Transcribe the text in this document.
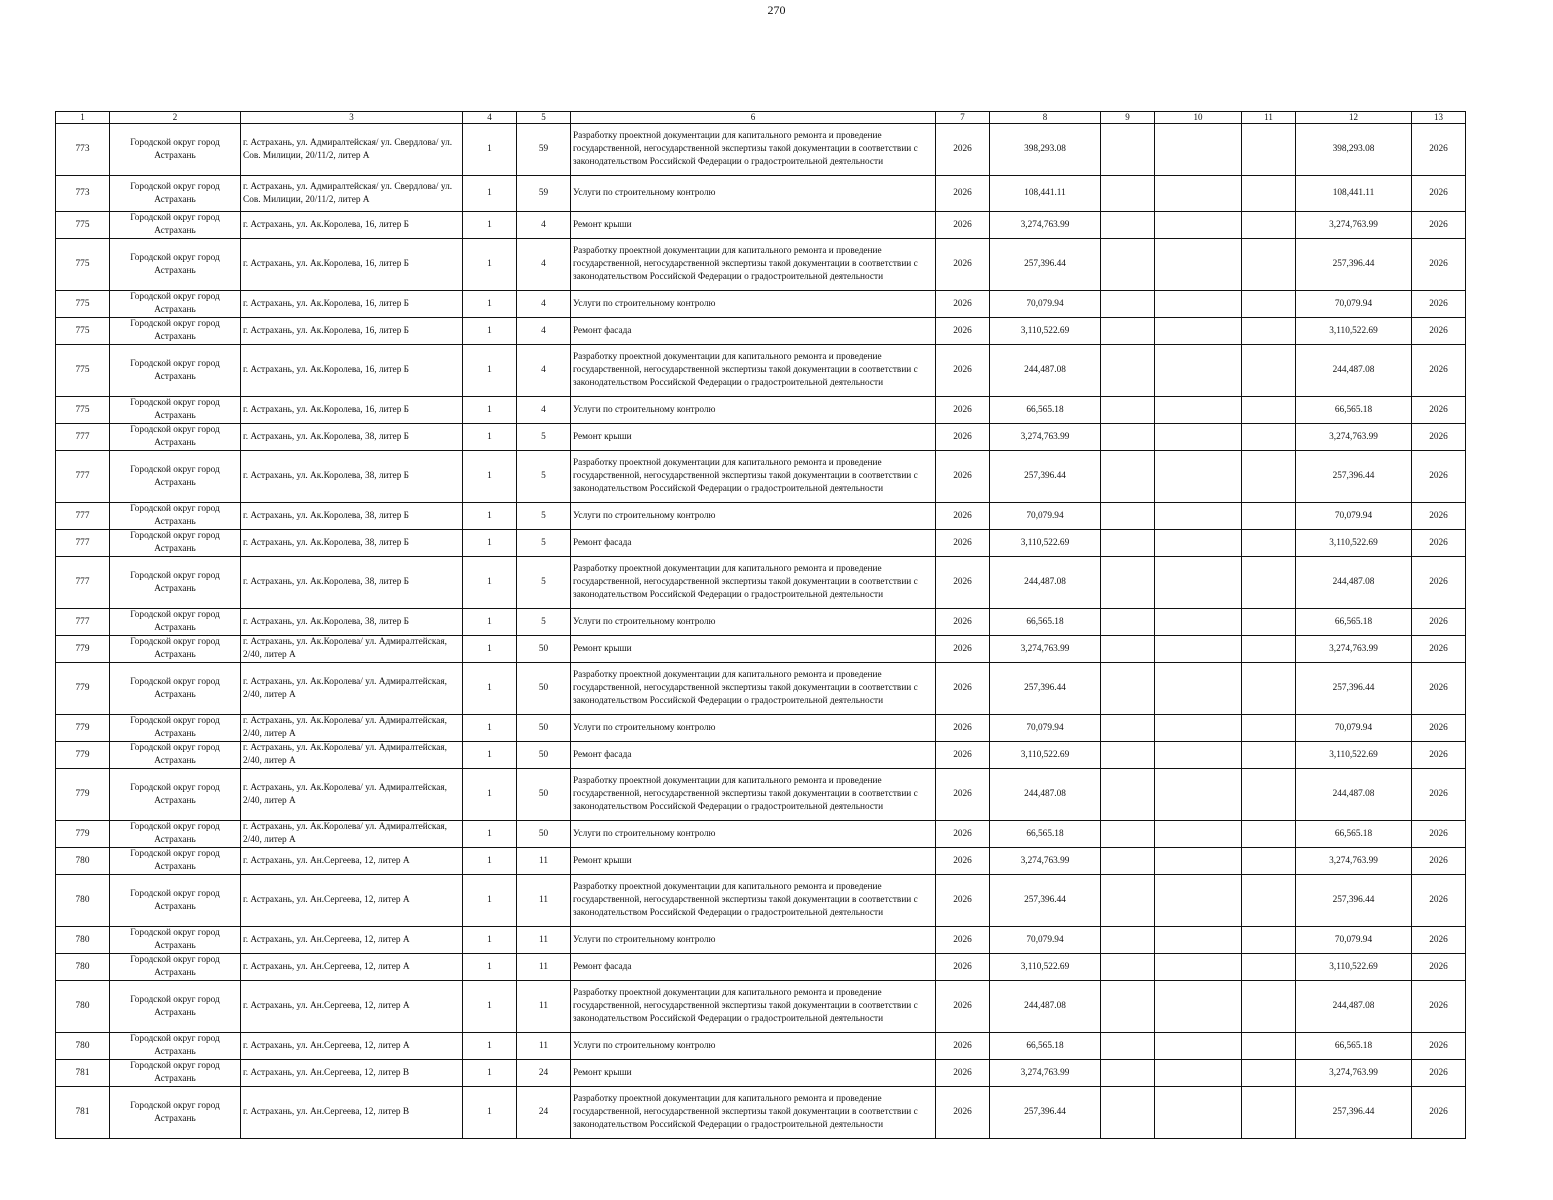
270
1	2	3	4	5	6	7	8	9	10	11	12	13
773	Городской округ город Астрахань	г. Астрахань, ул. Адмиралтейская/ ул. Свердлова/ ул. Сов. Милиции, 20/11/2, литер А	1	59	Разработку проектной документации для капитального ремонта и проведение государственной, негосударственной экспертизы такой документации в соответствии с законодательством Российской Федерации о градостроительной деятельности	2026	398,293.08				398,293.08	2026
773	Городской округ город Астрахань	г. Астрахань, ул. Адмиралтейская/ ул. Свердлова/ ул. Сов. Милиции, 20/11/2, литер А	1	59	Услуги по строительному контролю	2026	108,441.11				108,441.11	2026
775	Городской округ город Астрахань	г. Астрахань, ул. Ак.Королева, 16, литер Б	1	4	Ремонт крыши	2026	3,274,763.99				3,274,763.99	2026
775	Городской округ город Астрахань	г. Астрахань, ул. Ак.Королева, 16, литер Б	1	4	Разработку проектной документации для капитального ремонта и проведение государственной, негосударственной экспертизы такой документации в соответствии с законодательством Российской Федерации о градостроительной деятельности	2026	257,396.44				257,396.44	2026
775	Городской округ город Астрахань	г. Астрахань, ул. Ак.Королева, 16, литер Б	1	4	Услуги по строительному контролю	2026	70,079.94				70,079.94	2026
775	Городской округ город Астрахань	г. Астрахань, ул. Ак.Королева, 16, литер Б	1	4	Ремонт фасада	2026	3,110,522.69				3,110,522.69	2026
775	Городской округ город Астрахань	г. Астрахань, ул. Ак.Королева, 16, литер Б	1	4	Разработку проектной документации для капитального ремонта и проведение государственной, негосударственной экспертизы такой документации в соответствии с законодательством Российской Федерации о градостроительной деятельности	2026	244,487.08				244,487.08	2026
775	Городской округ город Астрахань	г. Астрахань, ул. Ак.Королева, 16, литер Б	1	4	Услуги по строительному контролю	2026	66,565.18				66,565.18	2026
777	Городской округ город Астрахань	г. Астрахань, ул. Ак.Королева, 38, литер Б	1	5	Ремонт крыши	2026	3,274,763.99				3,274,763.99	2026
777	Городской округ город Астрахань	г. Астрахань, ул. Ак.Королева, 38, литер Б	1	5	Разработку проектной документации для капитального ремонта и проведение государственной, негосударственной экспертизы такой документации в соответствии с законодательством Российской Федерации о градостроительной деятельности	2026	257,396.44				257,396.44	2026
777	Городской округ город Астрахань	г. Астрахань, ул. Ак.Королева, 38, литер Б	1	5	Услуги по строительному контролю	2026	70,079.94				70,079.94	2026
777	Городской округ город Астрахань	г. Астрахань, ул. Ак.Королева, 38, литер Б	1	5	Ремонт фасада	2026	3,110,522.69				3,110,522.69	2026
777	Городской округ город Астрахань	г. Астрахань, ул. Ак.Королева, 38, литер Б	1	5	Разработку проектной документации для капитального ремонта и проведение государственной, негосударственной экспертизы такой документации в соответствии с законодательством Российской Федерации о градостроительной деятельности	2026	244,487.08				244,487.08	2026
777	Городской округ город Астрахань	г. Астрахань, ул. Ак.Королева, 38, литер Б	1	5	Услуги по строительному контролю	2026	66,565.18				66,565.18	2026
779	Городской округ город Астрахань	г. Астрахань, ул. Ак.Королева/ ул. Адмиралтейская, 2/40, литер А	1	50	Ремонт крыши	2026	3,274,763.99				3,274,763.99	2026
779	Городской округ город Астрахань	г. Астрахань, ул. Ак.Королева/ ул. Адмиралтейская, 2/40, литер А	1	50	Разработку проектной документации для капитального ремонта и проведение государственной, негосударственной экспертизы такой документации в соответствии с законодательством Российской Федерации о градостроительной деятельности	2026	257,396.44				257,396.44	2026
779	Городской округ город Астрахань	г. Астрахань, ул. Ак.Королева/ ул. Адмиралтейская, 2/40, литер А	1	50	Услуги по строительному контролю	2026	70,079.94				70,079.94	2026
779	Городской округ город Астрахань	г. Астрахань, ул. Ак.Королева/ ул. Адмиралтейская, 2/40, литер А	1	50	Ремонт фасада	2026	3,110,522.69				3,110,522.69	2026
779	Городской округ город Астрахань	г. Астрахань, ул. Ак.Королева/ ул. Адмиралтейская, 2/40, литер А	1	50	Разработку проектной документации для капитального ремонта и проведение государственной, негосударственной экспертизы такой документации в соответствии с законодательством Российской Федерации о градостроительной деятельности	2026	244,487.08				244,487.08	2026
779	Городской округ город Астрахань	г. Астрахань, ул. Ак.Королева/ ул. Адмиралтейская, 2/40, литер А	1	50	Услуги по строительному контролю	2026	66,565.18				66,565.18	2026
780	Городской округ город Астрахань	г. Астрахань, ул. Ан.Сергеева, 12, литер А	1	11	Ремонт крыши	2026	3,274,763.99				3,274,763.99	2026
780	Городской округ город Астрахань	г. Астрахань, ул. Ан.Сергеева, 12, литер А	1	11	Разработку проектной документации для капитального ремонта и проведение государственной, негосударственной экспертизы такой документации в соответствии с законодательством Российской Федерации о градостроительной деятельности	2026	257,396.44				257,396.44	2026
780	Городской округ город Астрахань	г. Астрахань, ул. Ан.Сергеева, 12, литер А	1	11	Услуги по строительному контролю	2026	70,079.94				70,079.94	2026
780	Городской округ город Астрахань	г. Астрахань, ул. Ан.Сергеева, 12, литер А	1	11	Ремонт фасада	2026	3,110,522.69				3,110,522.69	2026
780	Городской округ город Астрахань	г. Астрахань, ул. Ан.Сергеева, 12, литер А	1	11	Разработку проектной документации для капитального ремонта и проведение государственной, негосударственной экспертизы такой документации в соответствии с законодательством Российской Федерации о градостроительной деятельности	2026	244,487.08				244,487.08	2026
780	Городской округ город Астрахань	г. Астрахань, ул. Ан.Сергеева, 12, литер А	1	11	Услуги по строительному контролю	2026	66,565.18				66,565.18	2026
781	Городской округ город Астрахань	г. Астрахань, ул. Ан.Сергеева, 12, литер В	1	24	Ремонт крыши	2026	3,274,763.99				3,274,763.99	2026
781	Городской округ город Астрахань	г. Астрахань, ул. Ан.Сергеева, 12, литер В	1	24	Разработку проектной документации для капитального ремонта и проведение государственной, негосударственной экспертизы такой документации в соответствии с законодательством Российской Федерации о градостроительной деятельности	2026	257,396.44				257,396.44	2026
